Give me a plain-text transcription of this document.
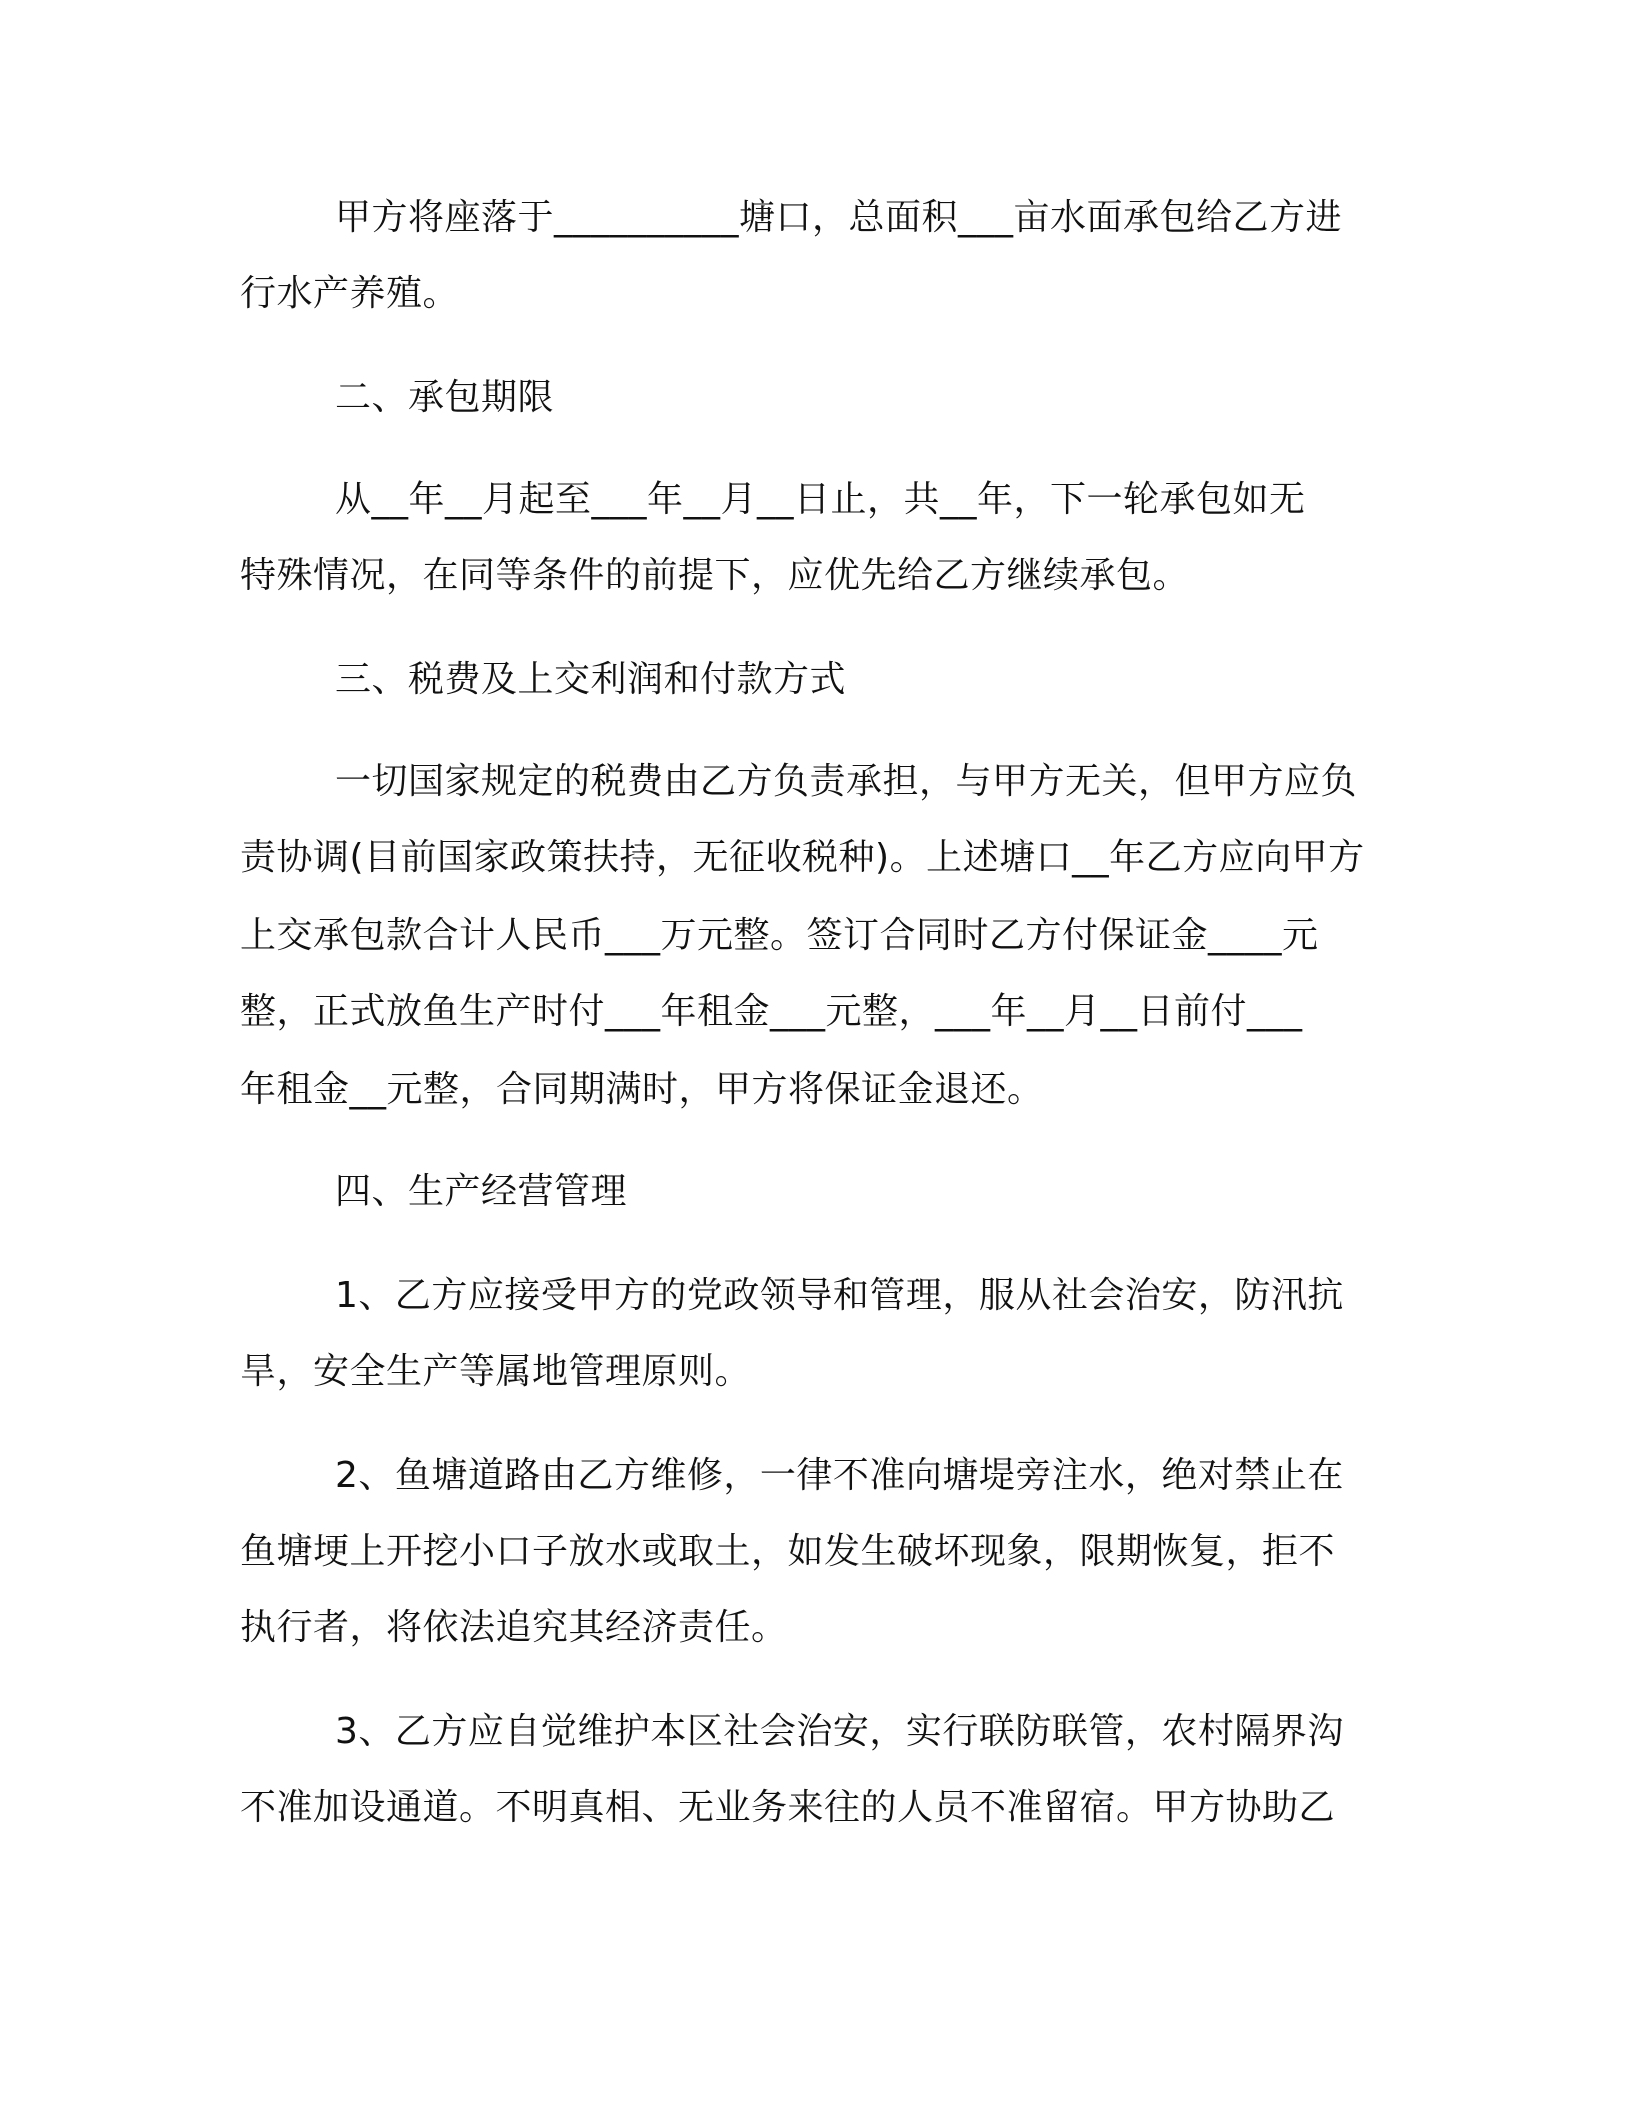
甲方将座落于__________塘口，总面积___亩水面承包给乙方进

行水产养殖。

二、承包期限

从__年__月起至___年__月__日止，共__年，下一轮承包如无

特殊情况，在同等条件的前提下，应优先给乙方继续承包。

三、税费及上交利润和付款方式

一切国家规定的税费由乙方负责承担，与甲方无关，但甲方应负

责协调(目前国家政策扶持，无征收税种)。上述塘口__年乙方应向甲方

上交承包款合计人民币___万元整。签订合同时乙方付保证金____元

整，正式放鱼生产时付___年租金___元整，___年__月__日前付___

年租金__元整，合同期满时，甲方将保证金退还。

四、生产经营管理

1、乙方应接受甲方的党政领导和管理，服从社会治安，防汛抗

旱，安全生产等属地管理原则。

2、鱼塘道路由乙方维修，一律不准向塘堤旁注水，绝对禁止在

鱼塘埂上开挖小口子放水或取土，如发生破坏现象，限期恢复，拒不

执行者，将依法追究其经济责任。

3、乙方应自觉维护本区社会治安，实行联防联管，农村隔界沟

不准加设通道。不明真相、无业务来往的人员不准留宿。甲方协助乙
